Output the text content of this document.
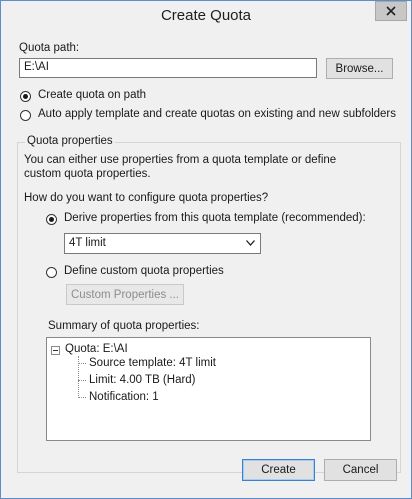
Create Quota
Quota path:
E:\AI	Browse...
Create quota on path
Auto apply template and create quotas on existing and new subfolders
Quota properties
You can either use properties from a quota template or define custom quota properties.
How do you want to configure quota properties?
Derive properties from this quota template (recommended):
4T limit
Define custom quota properties
Custom Properties ...
Summary of quota properties:
Quota: E:\AI
Source template: 4T limit
Limit: 4.00 TB (Hard)
Notification: 1
Create	Cancel
